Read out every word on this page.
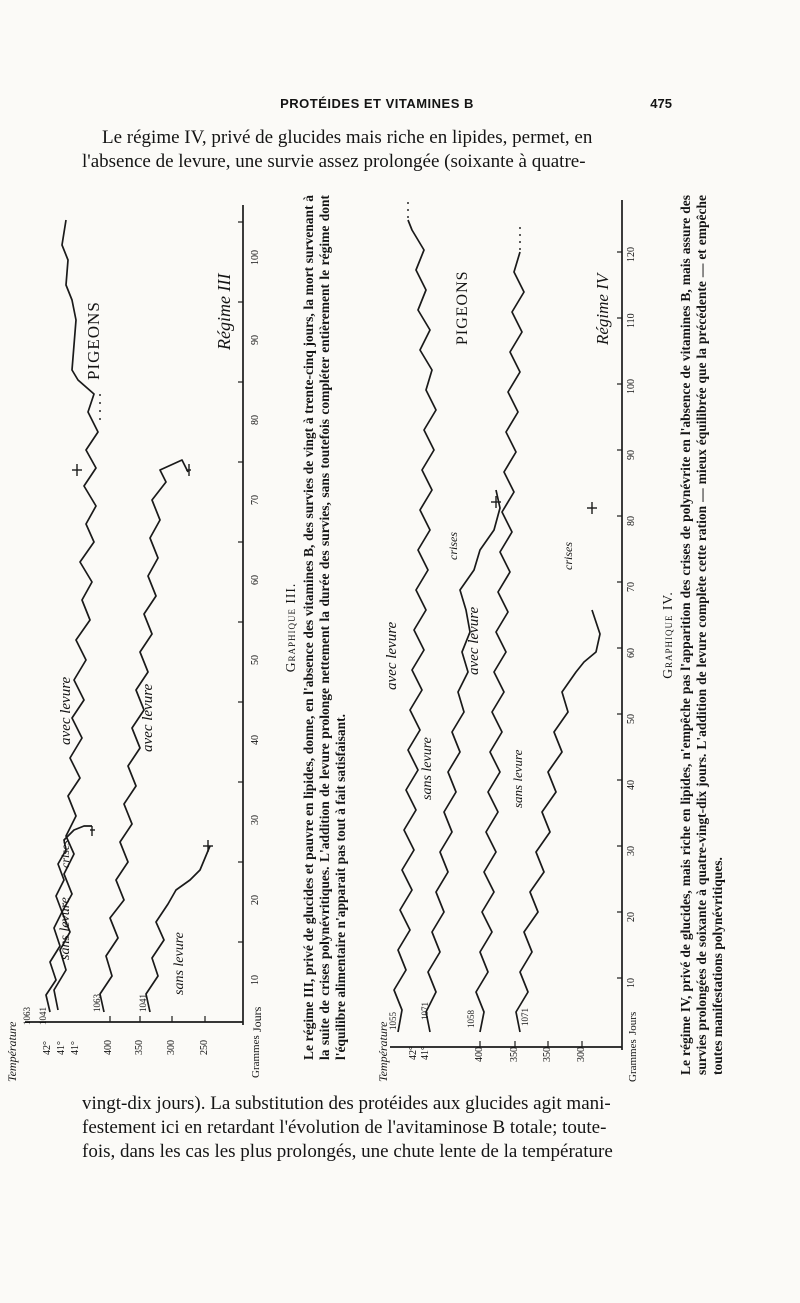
PROTÉIDES ET VITAMINES B	475

Le régime IV, privé de glucides mais riche en lipides, permet, en

l'absence de levure, une survie assez prolongée (soixante à quatre-

PIGEONS	Régime III
sans levure
avec levure	avec levure
sans levure
crises
Jours
Grammes
Température
10
20
30
40
50
60
70
80
90
100
400 350 300 250
42° 41° 41°
1063 1041
1063	1041
Graphique III. Le régime III, privé de glucides et pauvre en lipides, donne, en l'absence des vitamines B, des survies de vingt à trente-cinq jours, la mort survenant à la suite de crises polynévritiques. L'addition de levure prolonge nettement la durée des survies, sans toutefois compléter entièrement le régime dont l'équilibre alimentaire n'apparait pas tout à fait satisfaisant.
PIGEONS	Régime IV
avec levure
sans levure
avec levure
sans levure
crises	crises
Jours
Grammes
Température
10
20
30
40
50
60
70
80
90
100
110
120
400 350 350 300
42° 41°
1055
1071	1058	1071
Graphique IV. Le régime IV, privé de glucides, mais riche en lipides, n'empêche pas l'apparition des crises de polynévrite en l'absence de vitamines B, mais assure des survies prolongées de soixante à quatre-vingt-dix jours. L'addition de levure complète cette ration — mieux équilibrée que la précédente — et empêche toutes manifestations polynévritiques.

vingt-dix jours). La substitution des protéides aux glucides agit mani-

festement ici en retardant l'évolution de l'avitaminose B totale; toute-

fois, dans les cas les plus prolongés, une chute lente de la température
